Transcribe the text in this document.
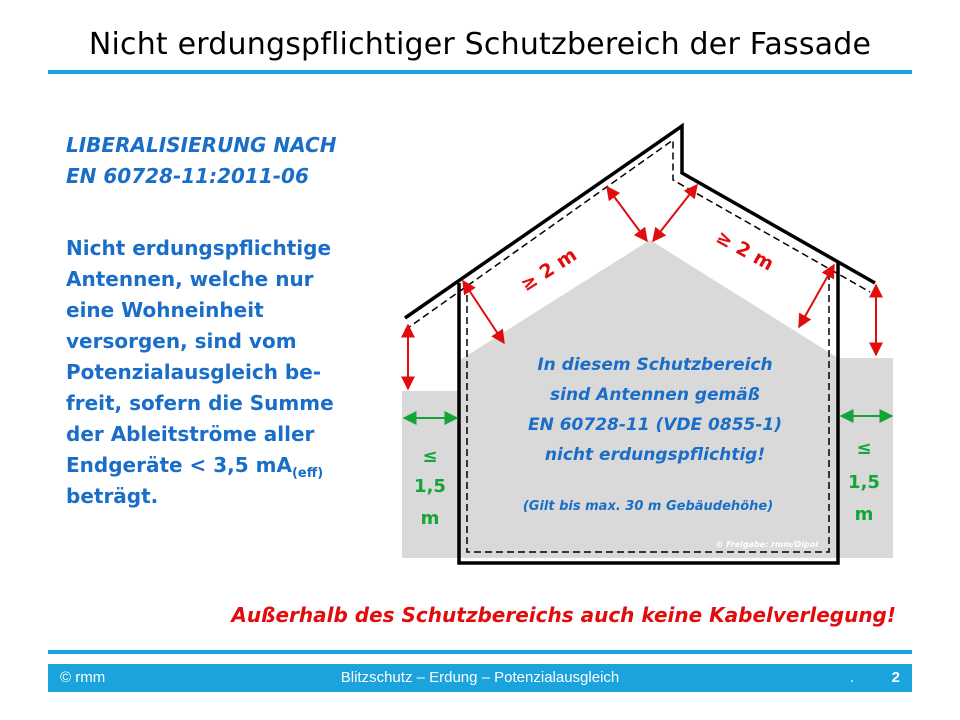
Nicht erdungspflichtiger Schutzbereich der Fassade
LIBERALISIERUNG NACH
EN 60728-11:2011-06
Nicht erdungspflichtige
Antennen, welche nur
eine Wohneinheit
versorgen, sind vom
Potenzialausgleich be-
freit, sofern die Summe
der Ableitströme aller
Endgeräte < 3,5 $mA_{(eff)}$
beträgt.
≥ 2 m	≥ 2 m
≤
1,5
m
≤
1,5
m
In diesem Schutzbereich
sind Antennen gemäß
EN 60728-11 (VDE 0855-1)
nicht erdungspflichtig!
(Gilt bis max. 30 m Gebäudehöhe)
© Freigabe: rmm/Dipol
Außerhalb des Schutzbereichs auch keine Kabelverlegung!
© rmm	Blitzschutz – Erdung – Potenzialausgleich	. 2
